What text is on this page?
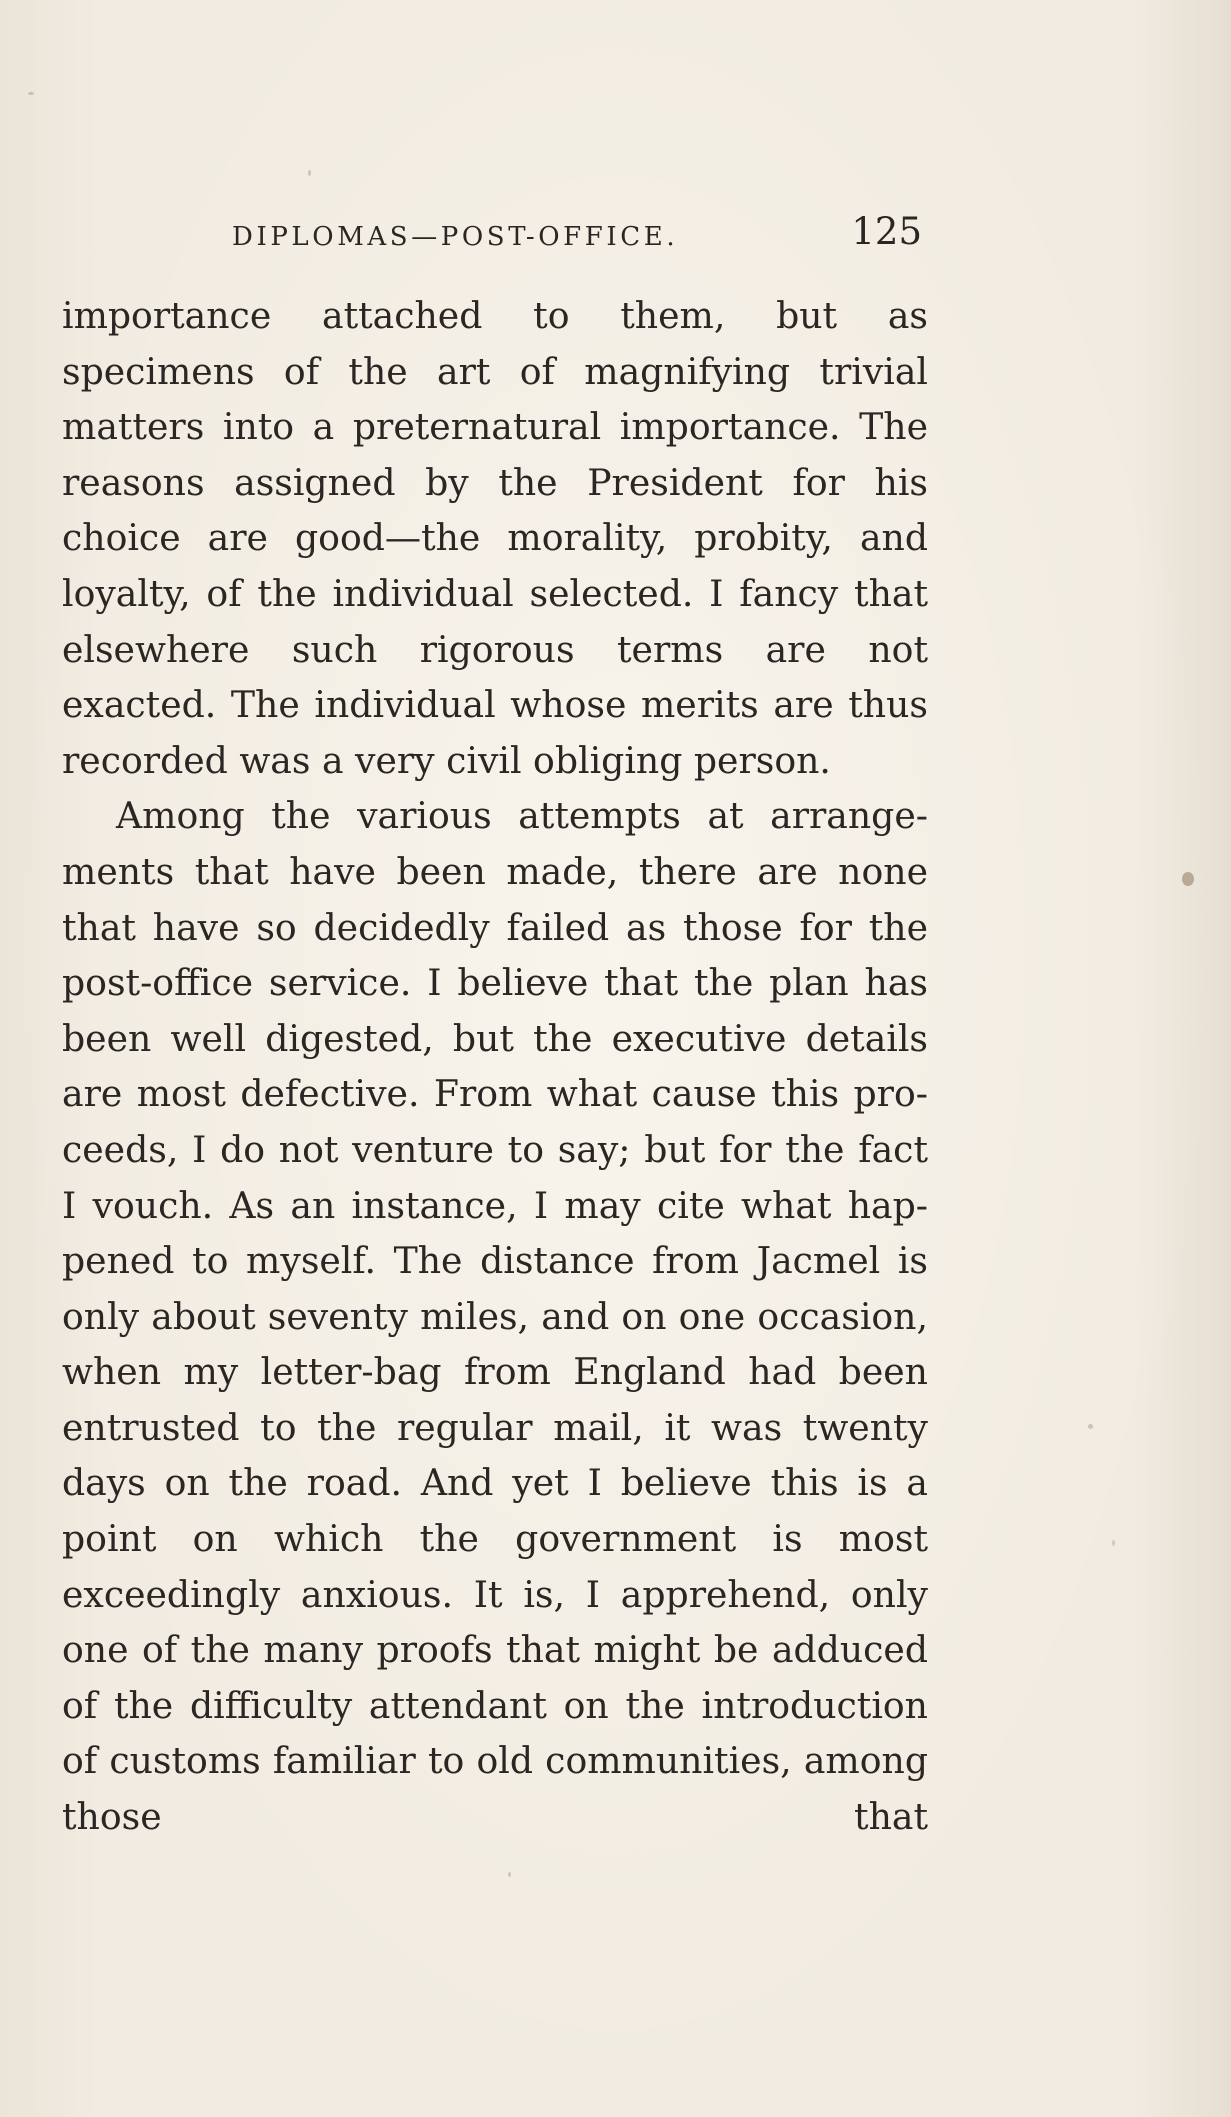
DIPLOMAS—POST-OFFICE.	125

importance attached to them, but as specimens of the art of magnifying trivial matters into a preternatural importance. The reasons assigned by the President for his choice are good—the morality, probity, and loyalty, of the individual selected. I fancy that elsewhere such rigorous terms are not exacted. The individual whose merits are thus recorded was a very civil obliging person.

Among the various attempts at arrangements that have been made, there are none that have so decidedly failed as those for the post-office service. I believe that the plan has been well digested, but the executive details are most defective. From what cause this proceeds, I do not venture to say; but for the fact I vouch. As an instance, I may cite what happened to myself. The distance from Jacmel is only about seventy miles, and on one occasion, when my letter-bag from England had been entrusted to the regular mail, it was twenty days on the road. And yet I believe this is a point on which the government is most exceedingly anxious. It is, I apprehend, only one of the many proofs that might be adduced of the difficulty attendant on the introduction of customs familiar to old communities, among those that
